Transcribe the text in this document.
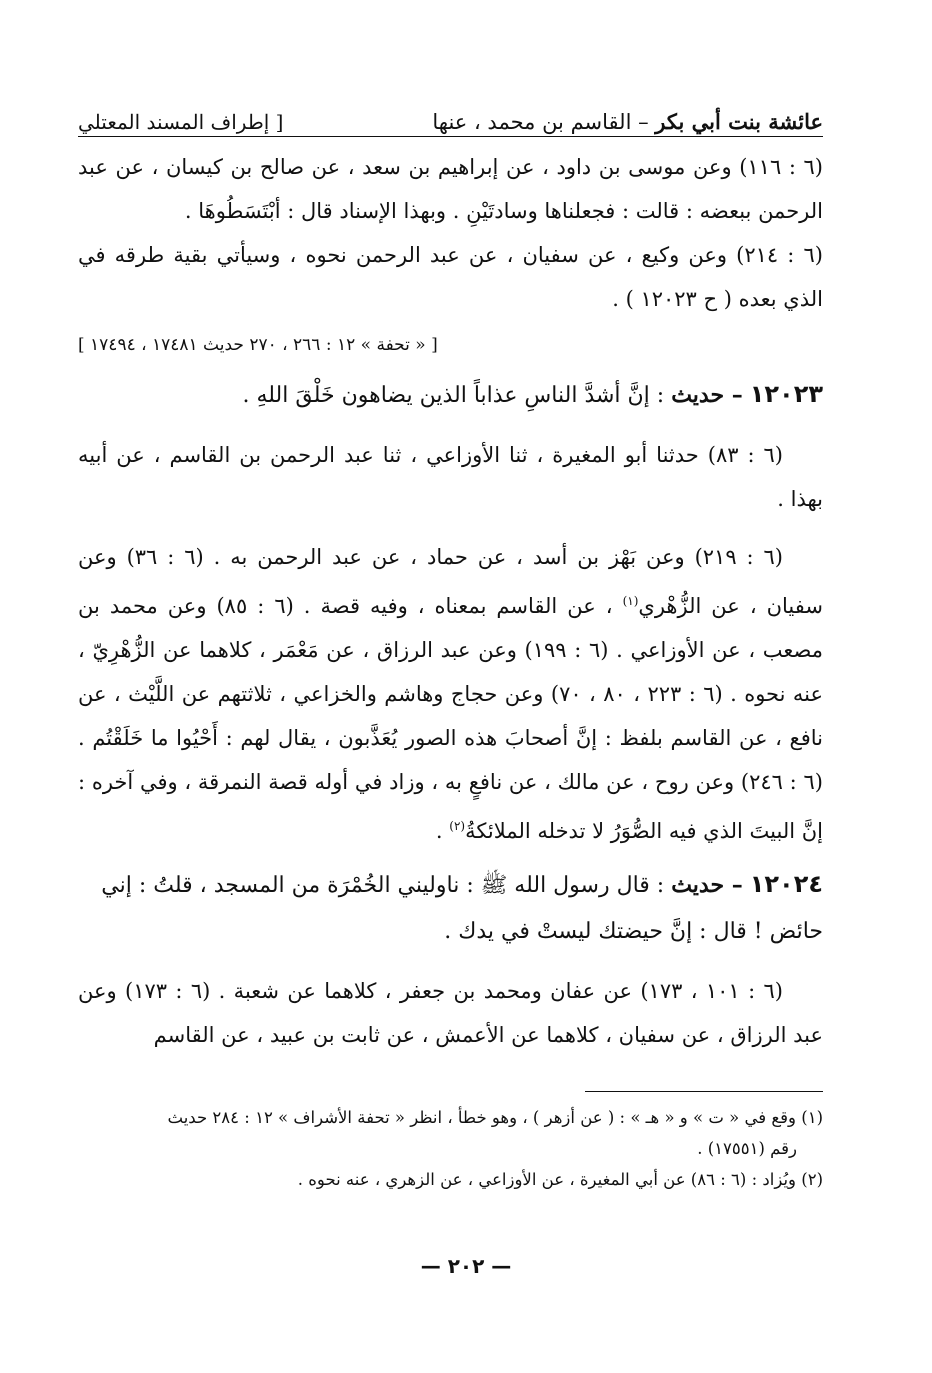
عائشة بنت أبي بكر – القاسم بن محمد ، عنها
[ إطراف المسند المعتلي

(٦ : ١١٦) وعن موسى بن داود ، عن إبراهيم بن سعد ، عن صالح بن كيسان ، عن عبد الرحمن ببعضه : قالت : فجعلناها وسادتَيْنِ . وبهذا الإسناد قال : أبْتَسَطُوهَا .

(٦ : ٢١٤) وعن وكيع ، عن سفيان ، عن عبد الرحمن نحوه ، وسيأتي بقية طرقه في الذي بعده ( ح ١٢٠٢٣ ) .

[ « تحفة » ١٢ : ٢٦٦ ، ٢٧٠ حديث ١٧٤٨١ ، ١٧٤٩٤ ]

١٢٠٢٣ – حديث : إنَّ أشدَّ الناسِ عذاباً الذين يضاهون خَلْقَ اللهِ .

(٦ : ٨٣) حدثنا أبو المغيرة ، ثنا الأوزاعي ، ثنا عبد الرحمن بن القاسم ، عن أبيه بهذا .

(٦ : ٢١٩) وعن بَهْز بن أسد ، عن حماد ، عن عبد الرحمن به . (٦ : ٣٦) وعن سفيان ، عن الزُّهْري$^{(١)}$ ، عن القاسم بمعناه ، وفيه قصة . (٦ : ٨٥) وعن محمد بن مصعب ، عن الأوزاعي . (٦ : ١٩٩) وعن عبد الرزاق ، عن مَعْمَر ، كلاهما عن الزُّهْرِيّ ، عنه نحوه . (٦ : ٢٢٣ ، ٨٠ ، ٧٠) وعن حجاج وهاشم والخزاعي ، ثلاثتهم عن اللَّيْث ، عن نافع ، عن القاسم بلفظ : إنَّ أصحابَ هذه الصور يُعَذَّبون ، يقال لهم : أَحْيُوا ما خَلَقْتُم . (٦ : ٢٤٦) وعن روح ، عن مالك ، عن نافعٍ به ، وزاد في أوله قصة النمرقة ، وفي آخره : إنَّ البيتَ الذي فيه الصُّوَرُ لا تدخله الملائكةُ$^{(٢)}$ .

١٢٠٢٤ – حديث : قال رسول الله ﷺ : ناوليني الخُمْرَة من المسجد ، قلتُ : إني حائض ! قال : إنَّ حيضتك ليستْ في يدك .

(٦ : ١٠١ ، ١٧٣) عن عفان ومحمد بن جعفر ، كلاهما عن شعبة . (٦ : ١٧٣) وعن عبد الرزاق ، عن سفيان ، كلاهما عن الأعمش ، عن ثابت بن عبيد ، عن القاسم

(١) وقع في « ت » و « هـ » : ( عن أزهر ) ، وهو خطأ ، انظر « تحفة الأشراف » ١٢ : ٢٨٤ حديث
رقم (١٧٥٥١) .

(٢) ويُزاد : (٦ : ٨٦) عن أبي المغيرة ، عن الأوزاعي ، عن الزهري ، عنه نحوه .

— ٢٠٢ —
